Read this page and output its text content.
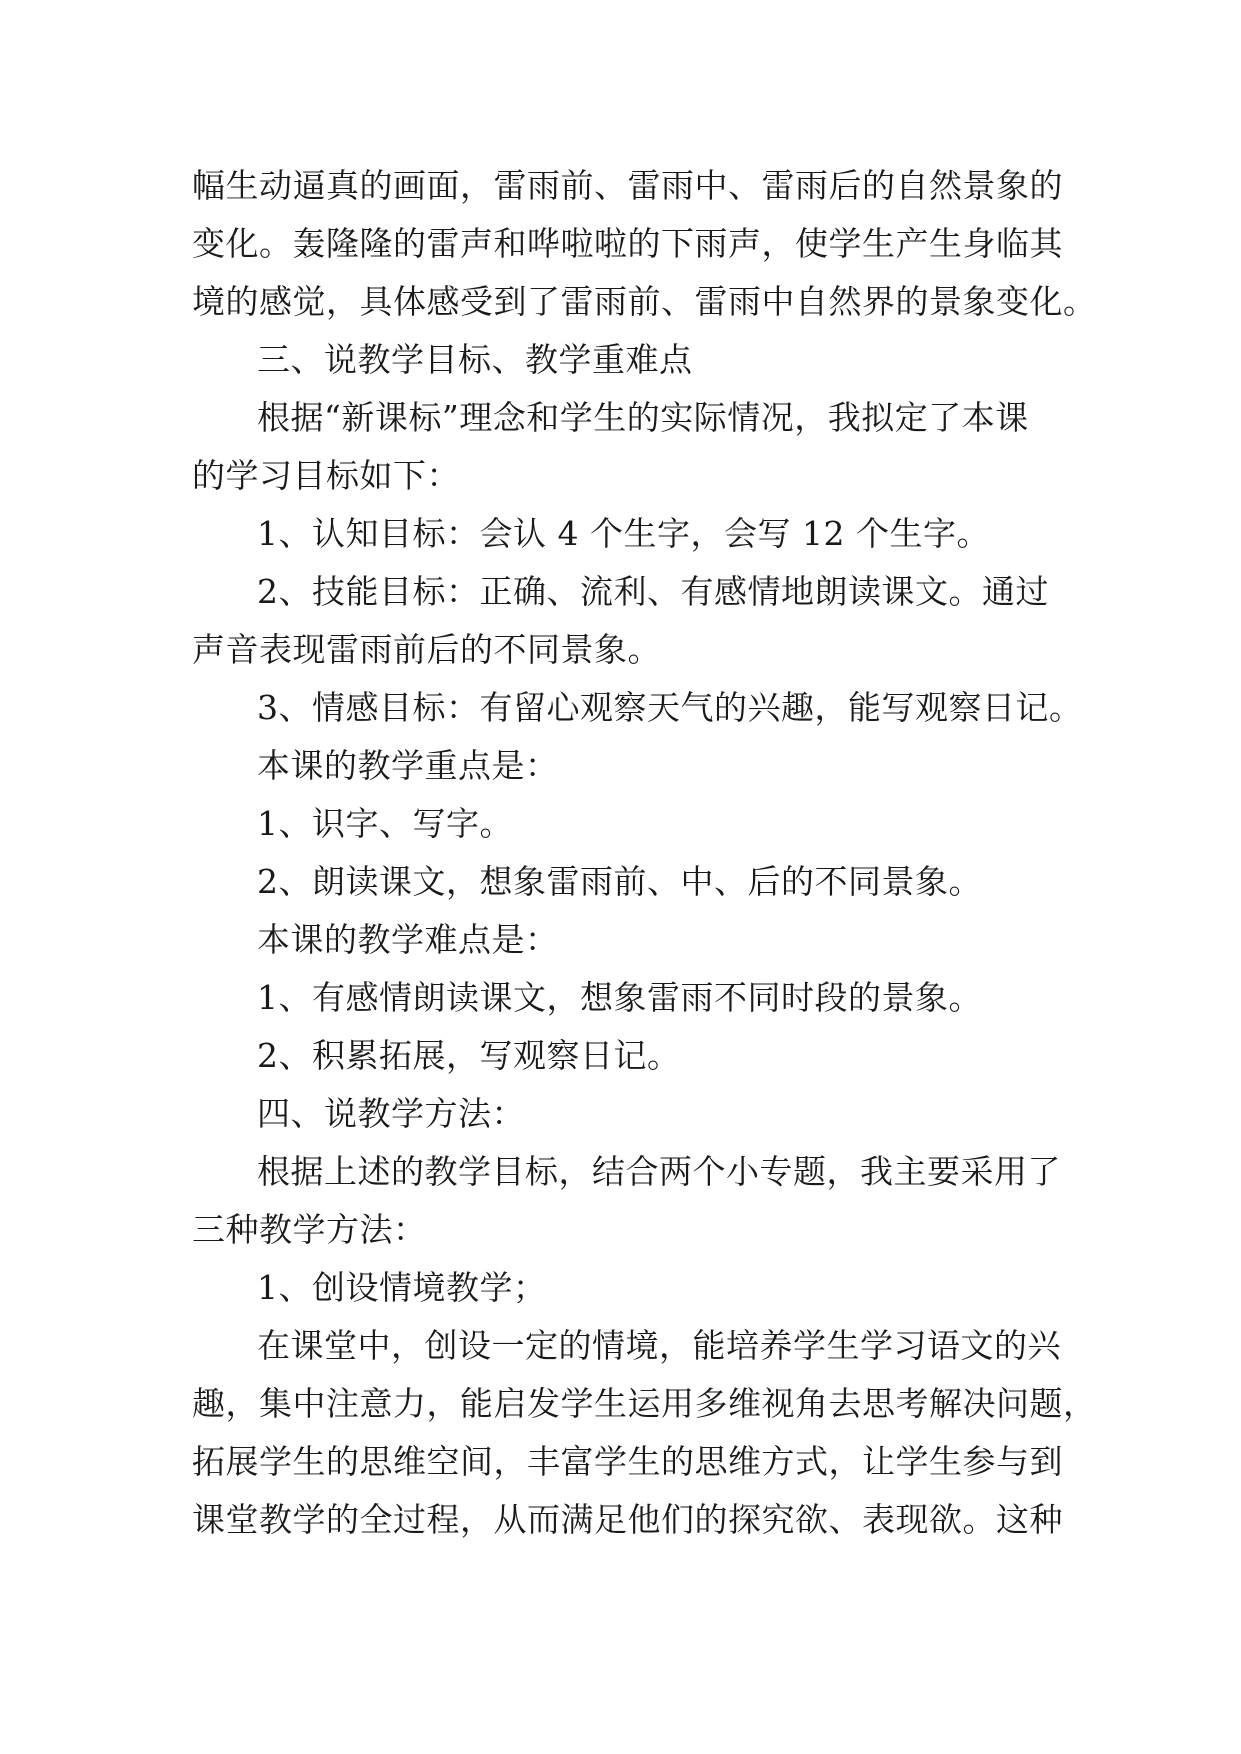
幅生动逼真的画面，雷雨前、雷雨中、雷雨后的自然景象的
变化。轰隆隆的雷声和哗啦啦的下雨声，使学生产生身临其
境的感觉，具体感受到了雷雨前、雷雨中自然界的景象变化。
三、说教学目标、教学重难点
根据“新课标”理念和学生的实际情况，我拟定了本课
的学习目标如下：
1、认知目标：会认 4 个生字，会写 12 个生字。
2、技能目标：正确、流利、有感情地朗读课文。通过
声音表现雷雨前后的不同景象。
3、情感目标：有留心观察天气的兴趣，能写观察日记。
本课的教学重点是：
1、识字、写字。
2、朗读课文，想象雷雨前、中、后的不同景象。
本课的教学难点是：
1、有感情朗读课文，想象雷雨不同时段的景象。
2、积累拓展，写观察日记。
四、说教学方法：
根据上述的教学目标，结合两个小专题，我主要采用了
三种教学方法：
1、创设情境教学；
在课堂中，创设一定的情境，能培养学生学习语文的兴
趣，集中注意力，能启发学生运用多维视角去思考解决问题，
拓展学生的思维空间，丰富学生的思维方式，让学生参与到
课堂教学的全过程，从而满足他们的探究欲、表现欲。这种
